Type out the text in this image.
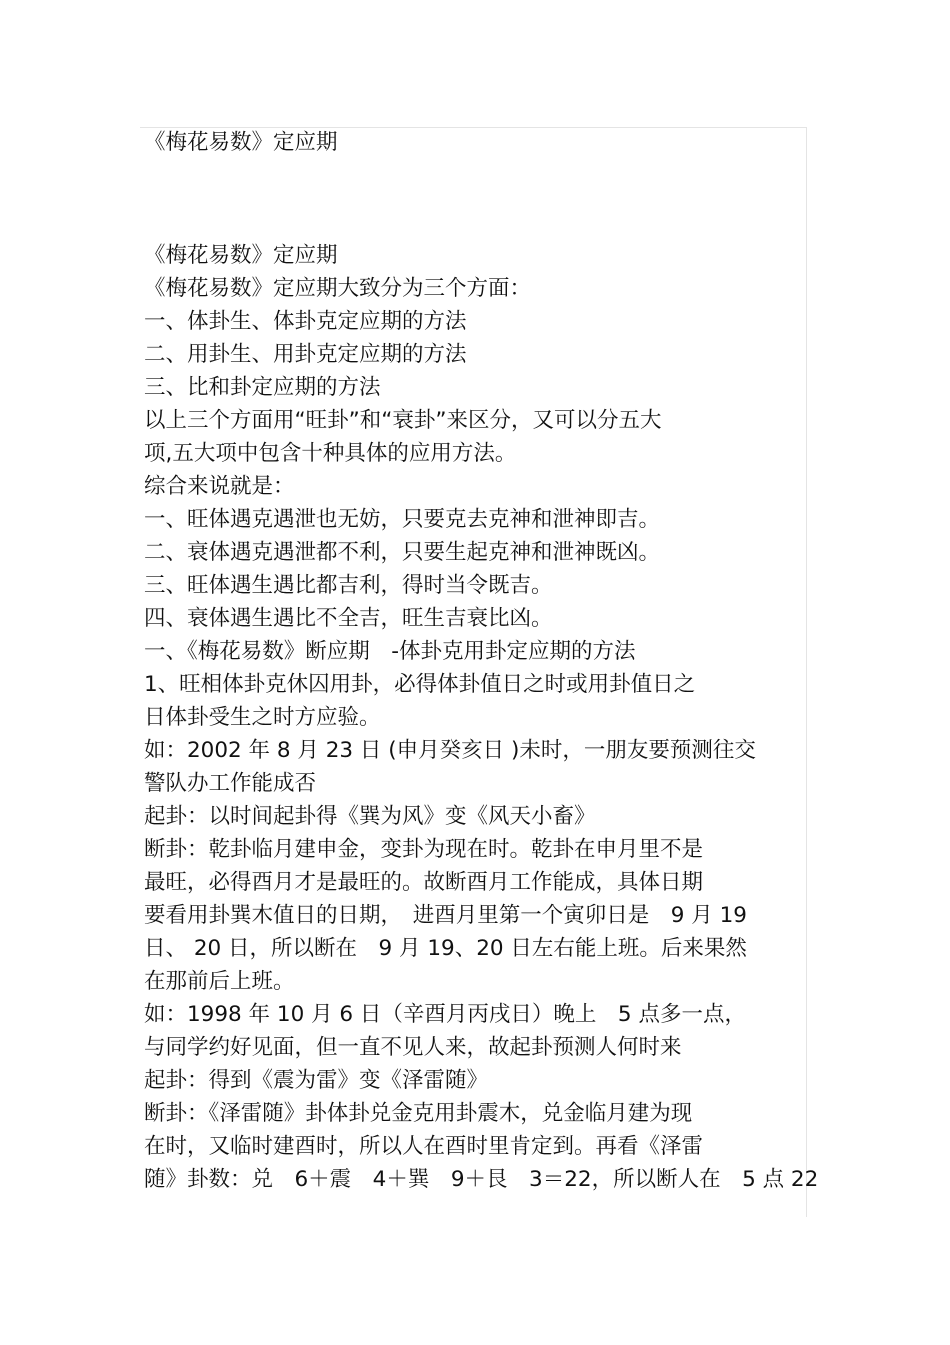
《梅花易数》定应期
《梅花易数》定应期
《梅花易数》定应期大致分为三个方面：
一、体卦生、体卦克定应期的方法
二、用卦生、用卦克定应期的方法
三、比和卦定应期的方法
以上三个方面用“旺卦”和“衰卦”来区分，又可以分五大
项,五大项中包含十种具体的应用方法。
综合来说就是：
一、旺体遇克遇泄也无妨，只要克去克神和泄神即吉。
二、衰体遇克遇泄都不利，只要生起克神和泄神既凶。
三、旺体遇生遇比都吉利，得时当令既吉。
四、衰体遇生遇比不全吉，旺生吉衰比凶。
一、《梅花易数》断应期　-体卦克用卦定应期的方法
1、旺相体卦克休囚用卦，必得体卦值日之时或用卦值日之
日体卦受生之时方应验。
如：2002 年 8 月 23 日 (申月癸亥日 )未时，一朋友要预测往交
警队办工作能成否
起卦：以时间起卦得《巽为风》变《风天小畜》
断卦：乾卦临月建申金，变卦为现在时。乾卦在申月里不是
最旺，必得酉月才是最旺的。故断酉月工作能成，具体日期
要看用卦巽木值日的日期，　进酉月里第一个寅卯日是　9 月 19
日、 20 日，所以断在　9 月 19、20 日左右能上班。后来果然
在那前后上班。
如：1998 年 10 月 6 日（辛酉月丙戌日）晚上　5 点多一点，
与同学约好见面，但一直不见人来，故起卦预测人何时来
起卦：得到《震为雷》变《泽雷随》
断卦：《泽雷随》卦体卦兑金克用卦震木，兑金临月建为现
在时，又临时建酉时，所以人在酉时里肯定到。再看《泽雷
随》卦数：兑　6＋震　4＋巽　9＋艮　3＝22，所以断人在　5 点 22
